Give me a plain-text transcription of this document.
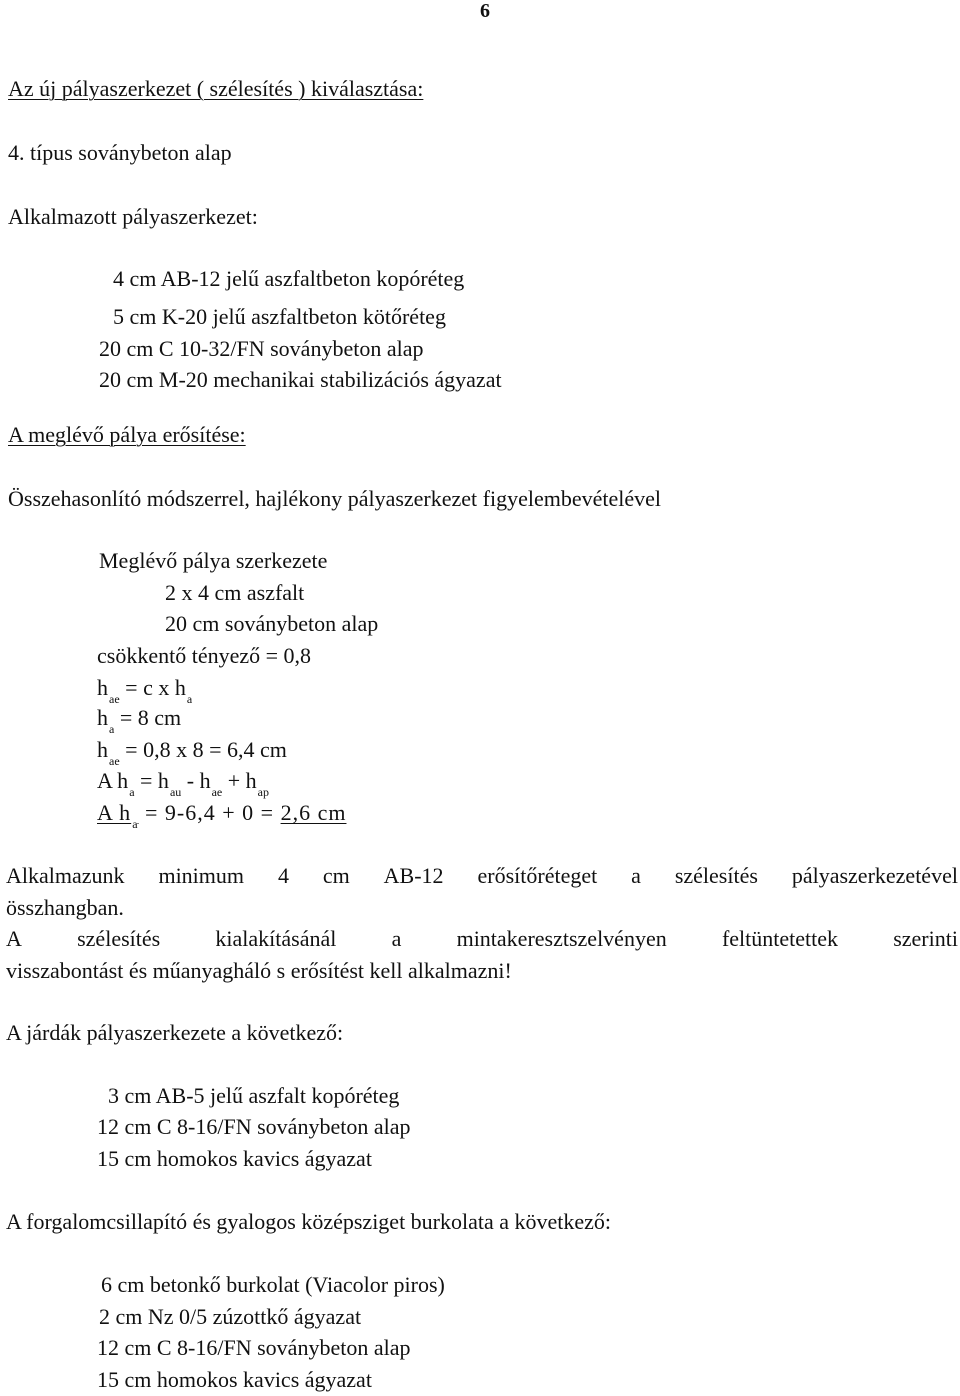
6
Az új pályaszerkezet ( szélesítés ) kiválasztása:
4. típus soványbeton alap
Alkalmazott pályaszerkezet:
4 cm AB-12 jelű aszfaltbeton kopóréteg
5 cm K-20 jelű aszfaltbeton kötőréteg
20 cm C 10-32/FN soványbeton alap
20 cm M-20 mechanikai stabilizációs ágyazat
A meglévő pálya erősítése:
Összehasonlító módszerrel, hajlékony pályaszerkezet figyelembevételével
Meglévő pálya szerkezete
2 x 4 cm aszfalt
20 cm soványbeton alap
csökkentő tényező = 0,8
$h_{ae} = c$ x $h_a$
$h_a = 8$ cm
$h_{ae} = 0,8$ x 8 = 6,4 cm
A $h_a = h_{au} - h_{ae} + h_{ap}$
A $h_a = 9-6,4 + 0 = 2,6$ cm
Alkalmazunk minimum 4 cm AB-12 erősítőréteget a szélesítés pályaszerkezetével
összhangban.
A	szélesítés	kialakításánál	a	mintakeresztszelvényen	feltüntetettek	szerinti
visszabontást és műanyagháló s erősítést kell alkalmazni!
A járdák pályaszerkezete a következő:
3 cm AB-5 jelű aszfalt kopóréteg
12 cm C 8-16/FN soványbeton alap
15 cm homokos kavics ágyazat
A forgalomcsillapító és gyalogos középsziget burkolata a következő:
6 cm betonkő burkolat (Viacolor piros)
2 cm Nz 0/5 zúzottkő ágyazat
12 cm C 8-16/FN soványbeton alap
15 cm homokos kavics ágyazat
